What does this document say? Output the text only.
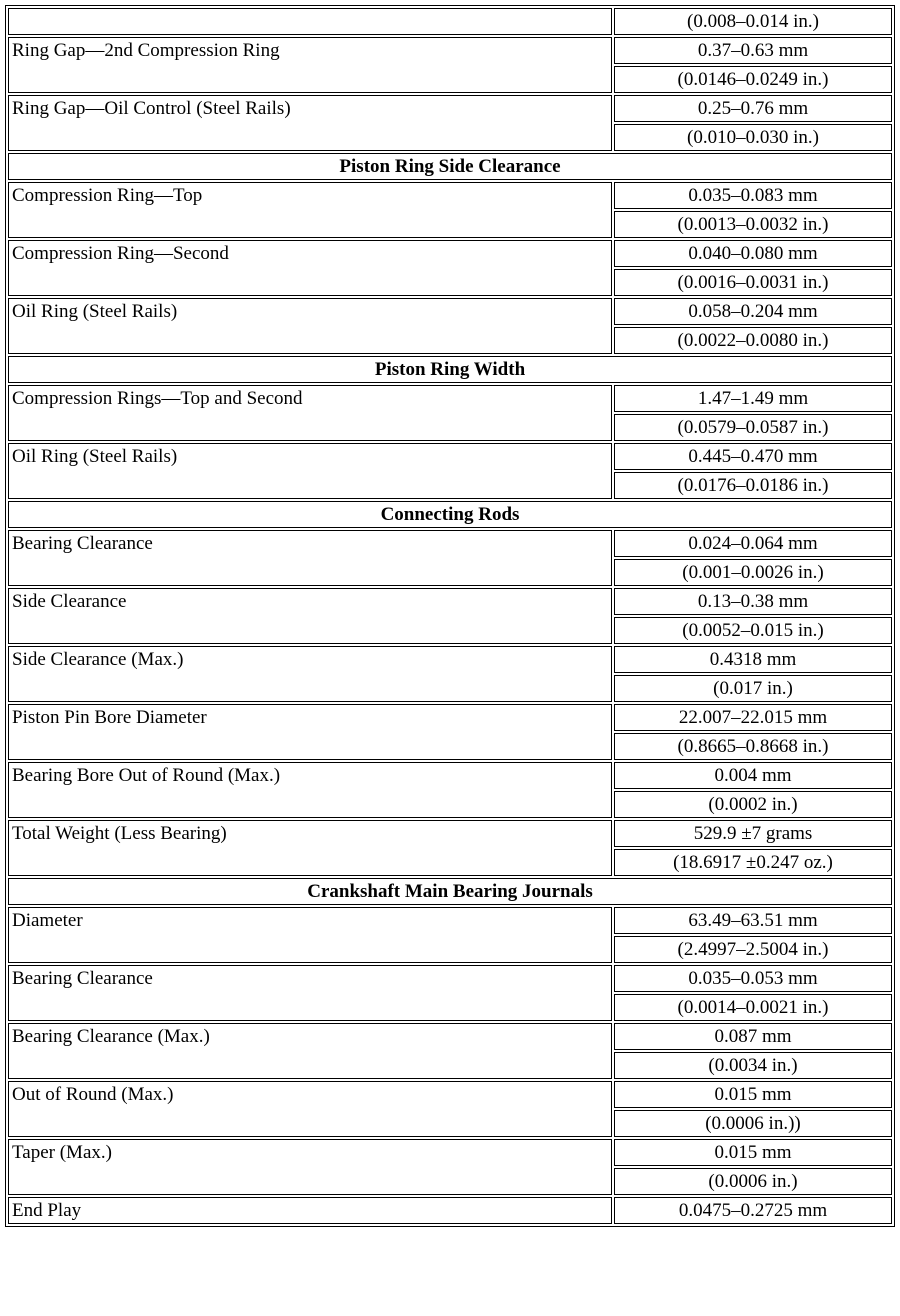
	(0.008–0.014 in.)
Ring Gap—2nd Compression Ring	0.37–0.63 mm
	(0.0146–0.0249 in.)
Ring Gap—Oil Control (Steel Rails)	0.25–0.76 mm
	(0.010–0.030 in.)
Piston Ring Side Clearance	
Compression Ring—Top	0.035–0.083 mm
	(0.0013–0.0032 in.)
Compression Ring—Second	0.040–0.080 mm
	(0.0016–0.0031 in.)
Oil Ring (Steel Rails)	0.058–0.204 mm
	(0.0022–0.0080 in.)
Piston Ring Width	
Compression Rings—Top and Second	1.47–1.49 mm
	(0.0579–0.0587 in.)
Oil Ring (Steel Rails)	0.445–0.470 mm
	(0.0176–0.0186 in.)
Connecting Rods	
Bearing Clearance	0.024–0.064 mm
	(0.001–0.0026 in.)
Side Clearance	0.13–0.38 mm
	(0.0052–0.015 in.)
Side Clearance (Max.)	0.4318 mm
	(0.017 in.)
Piston Pin Bore Diameter	22.007–22.015 mm
	(0.8665–0.8668 in.)
Bearing Bore Out of Round (Max.)	0.004 mm
	(0.0002 in.)
Total Weight (Less Bearing)	529.9 ±7 grams
	(18.6917 ±0.247 oz.)
Crankshaft Main Bearing Journals	
Diameter	63.49–63.51 mm
	(2.4997–2.5004 in.)
Bearing Clearance	0.035–0.053 mm
	(0.0014–0.0021 in.)
Bearing Clearance (Max.)	0.087 mm
	(0.0034 in.)
Out of Round (Max.)	0.015 mm
	(0.0006 in.))
Taper (Max.)	0.015 mm
	(0.0006 in.)
End Play	0.0475–0.2725 mm
